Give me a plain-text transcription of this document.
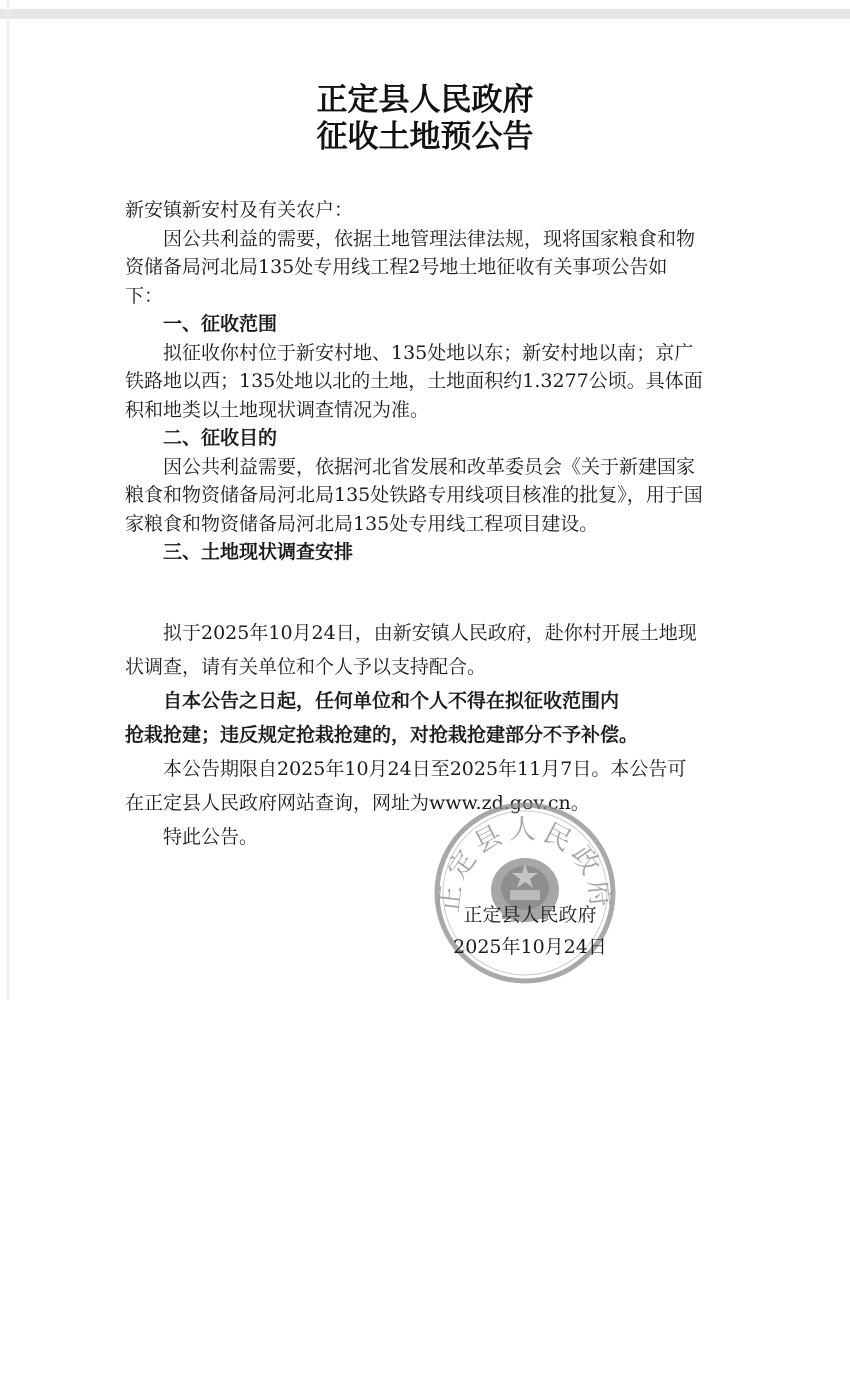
正定县人民政府
征收土地预公告

新安镇新安村及有关农户：

因公共利益的需要，依据土地管理法律法规，现将国家粮食和物资储备局河北局135处专用线工程2号地土地征收有关事项公告如下：

一、征收范围

拟征收你村位于新安村地、135处地以东；新安村地以南；京广铁路地以西；135处地以北的土地，土地面积约1.3277公顷。具体面积和地类以土地现状调查情况为准。

二、征收目的

因公共利益需要，依据河北省发展和改革委员会《关于新建国家粮食和物资储备局河北局135处铁路专用线项目核准的批复》，用于国家粮食和物资储备局河北局135处专用线工程项目建设。

三、土地现状调查安排

拟于2025年10月24日，由新安镇人民政府，赴你村开展土地现状调查，请有关单位和个人予以支持配合。

自本公告之日起，任何单位和个人不得在拟征收范围内

抢栽抢建；违反规定抢栽抢建的，对抢栽抢建部分不予补偿。

本公告期限自2025年10月24日至2025年11月7日。本公告可在正定县人民政府网站查询，网址为www.zd.gov.cn。

特此公告。

正定县人民政府
正定县人民政府
2025年10月24日
